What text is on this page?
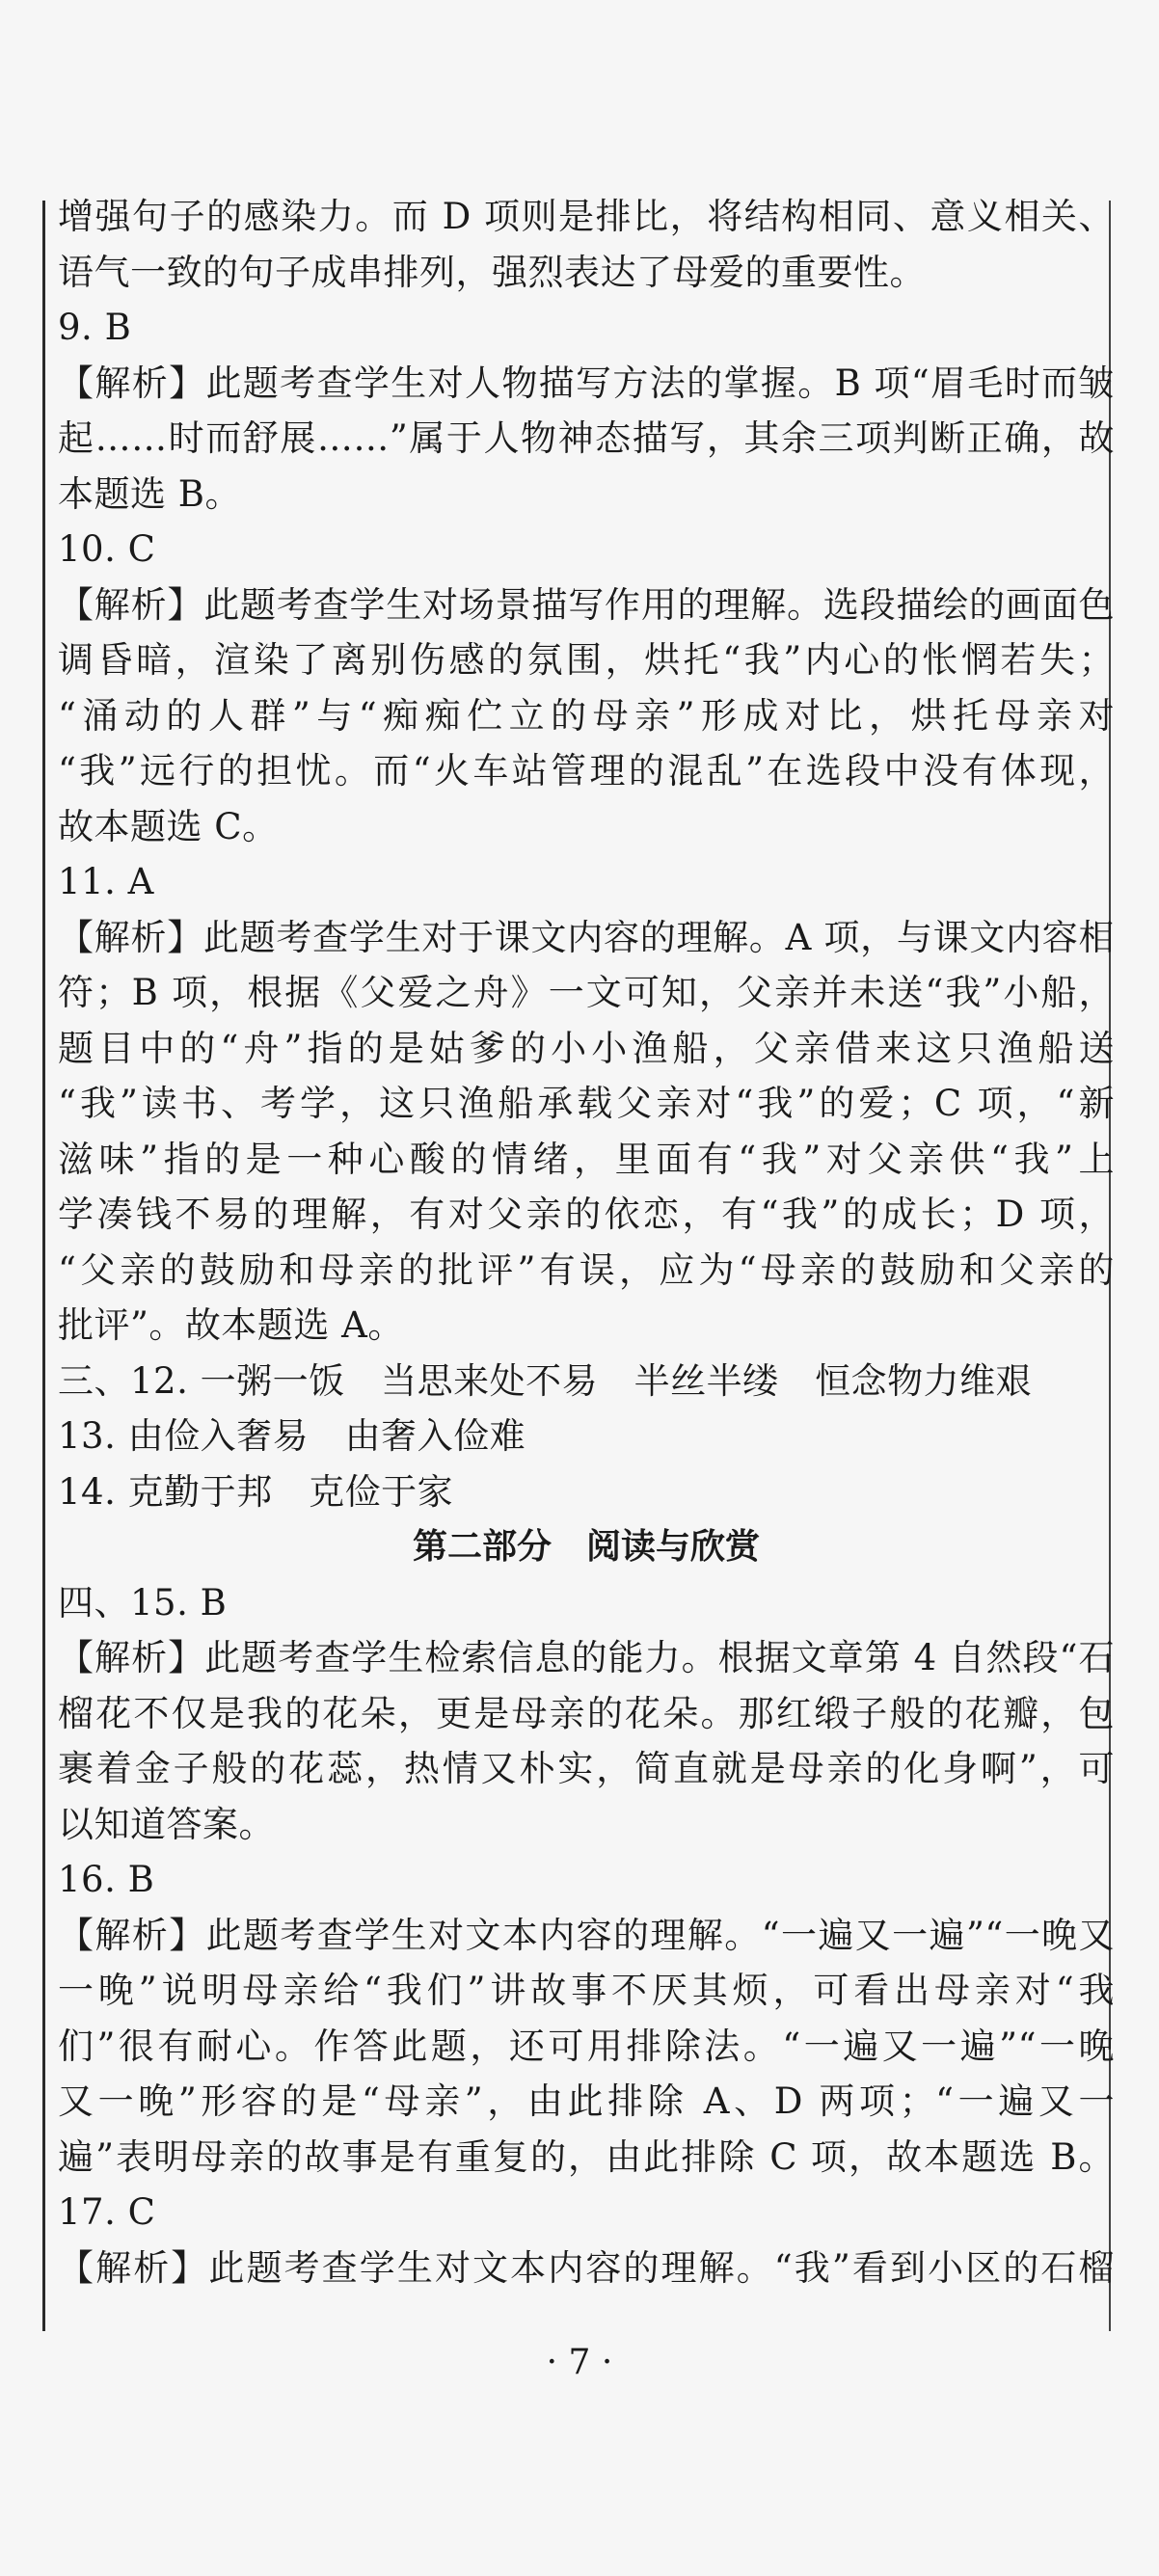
增强句子的感染力。而 D 项则是排比，将结构相同、意义相关、
语气一致的句子成串排列，强烈表达了母爱的重要性。
9. B
【解析】此题考查学生对人物描写方法的掌握。B 项“眉毛时而皱
起……时而舒展……”属于人物神态描写，其余三项判断正确，故
本题选 B。
10. C
【解析】此题考查学生对场景描写作用的理解。选段描绘的画面色
调昏暗，渲染了离别伤感的氛围，烘托“我”内心的怅惘若失；
“涌动的人群”与“痴痴伫立的母亲”形成对比，烘托母亲对
“我”远行的担忧。而“火车站管理的混乱”在选段中没有体现，
故本题选 C。
11. A
【解析】此题考查学生对于课文内容的理解。A 项，与课文内容相
符；B 项，根据《父爱之舟》一文可知，父亲并未送“我”小船，
题目中的“舟”指的是姑爹的小小渔船，父亲借来这只渔船送
“我”读书、考学，这只渔船承载父亲对“我”的爱；C 项，“新
滋味”指的是一种心酸的情绪，里面有“我”对父亲供“我”上
学凑钱不易的理解，有对父亲的依恋，有“我”的成长；D 项，
“父亲的鼓励和母亲的批评”有误，应为“母亲的鼓励和父亲的
批评”。故本题选 A。
三、12. 一粥一饭　当思来处不易　半丝半缕　恒念物力维艰
13. 由俭入奢易　由奢入俭难
14. 克勤于邦　克俭于家
第二部分　阅读与欣赏
四、15. B
【解析】此题考查学生检索信息的能力。根据文章第 4 自然段“石
榴花不仅是我的花朵，更是母亲的花朵。那红缎子般的花瓣，包
裹着金子般的花蕊，热情又朴实，简直就是母亲的化身啊”，可
以知道答案。
16. B
【解析】此题考查学生对文本内容的理解。“一遍又一遍”“一晚又
一晚”说明母亲给“我们”讲故事不厌其烦，可看出母亲对“我
们”很有耐心。作答此题，还可用排除法。“一遍又一遍”“一晚
又一晚”形容的是“母亲”，由此排除 A、D 两项；“一遍又一
遍”表明母亲的故事是有重复的，由此排除 C 项，故本题选 B。
17. C
【解析】此题考查学生对文本内容的理解。“我”看到小区的石榴
· 7 ·
